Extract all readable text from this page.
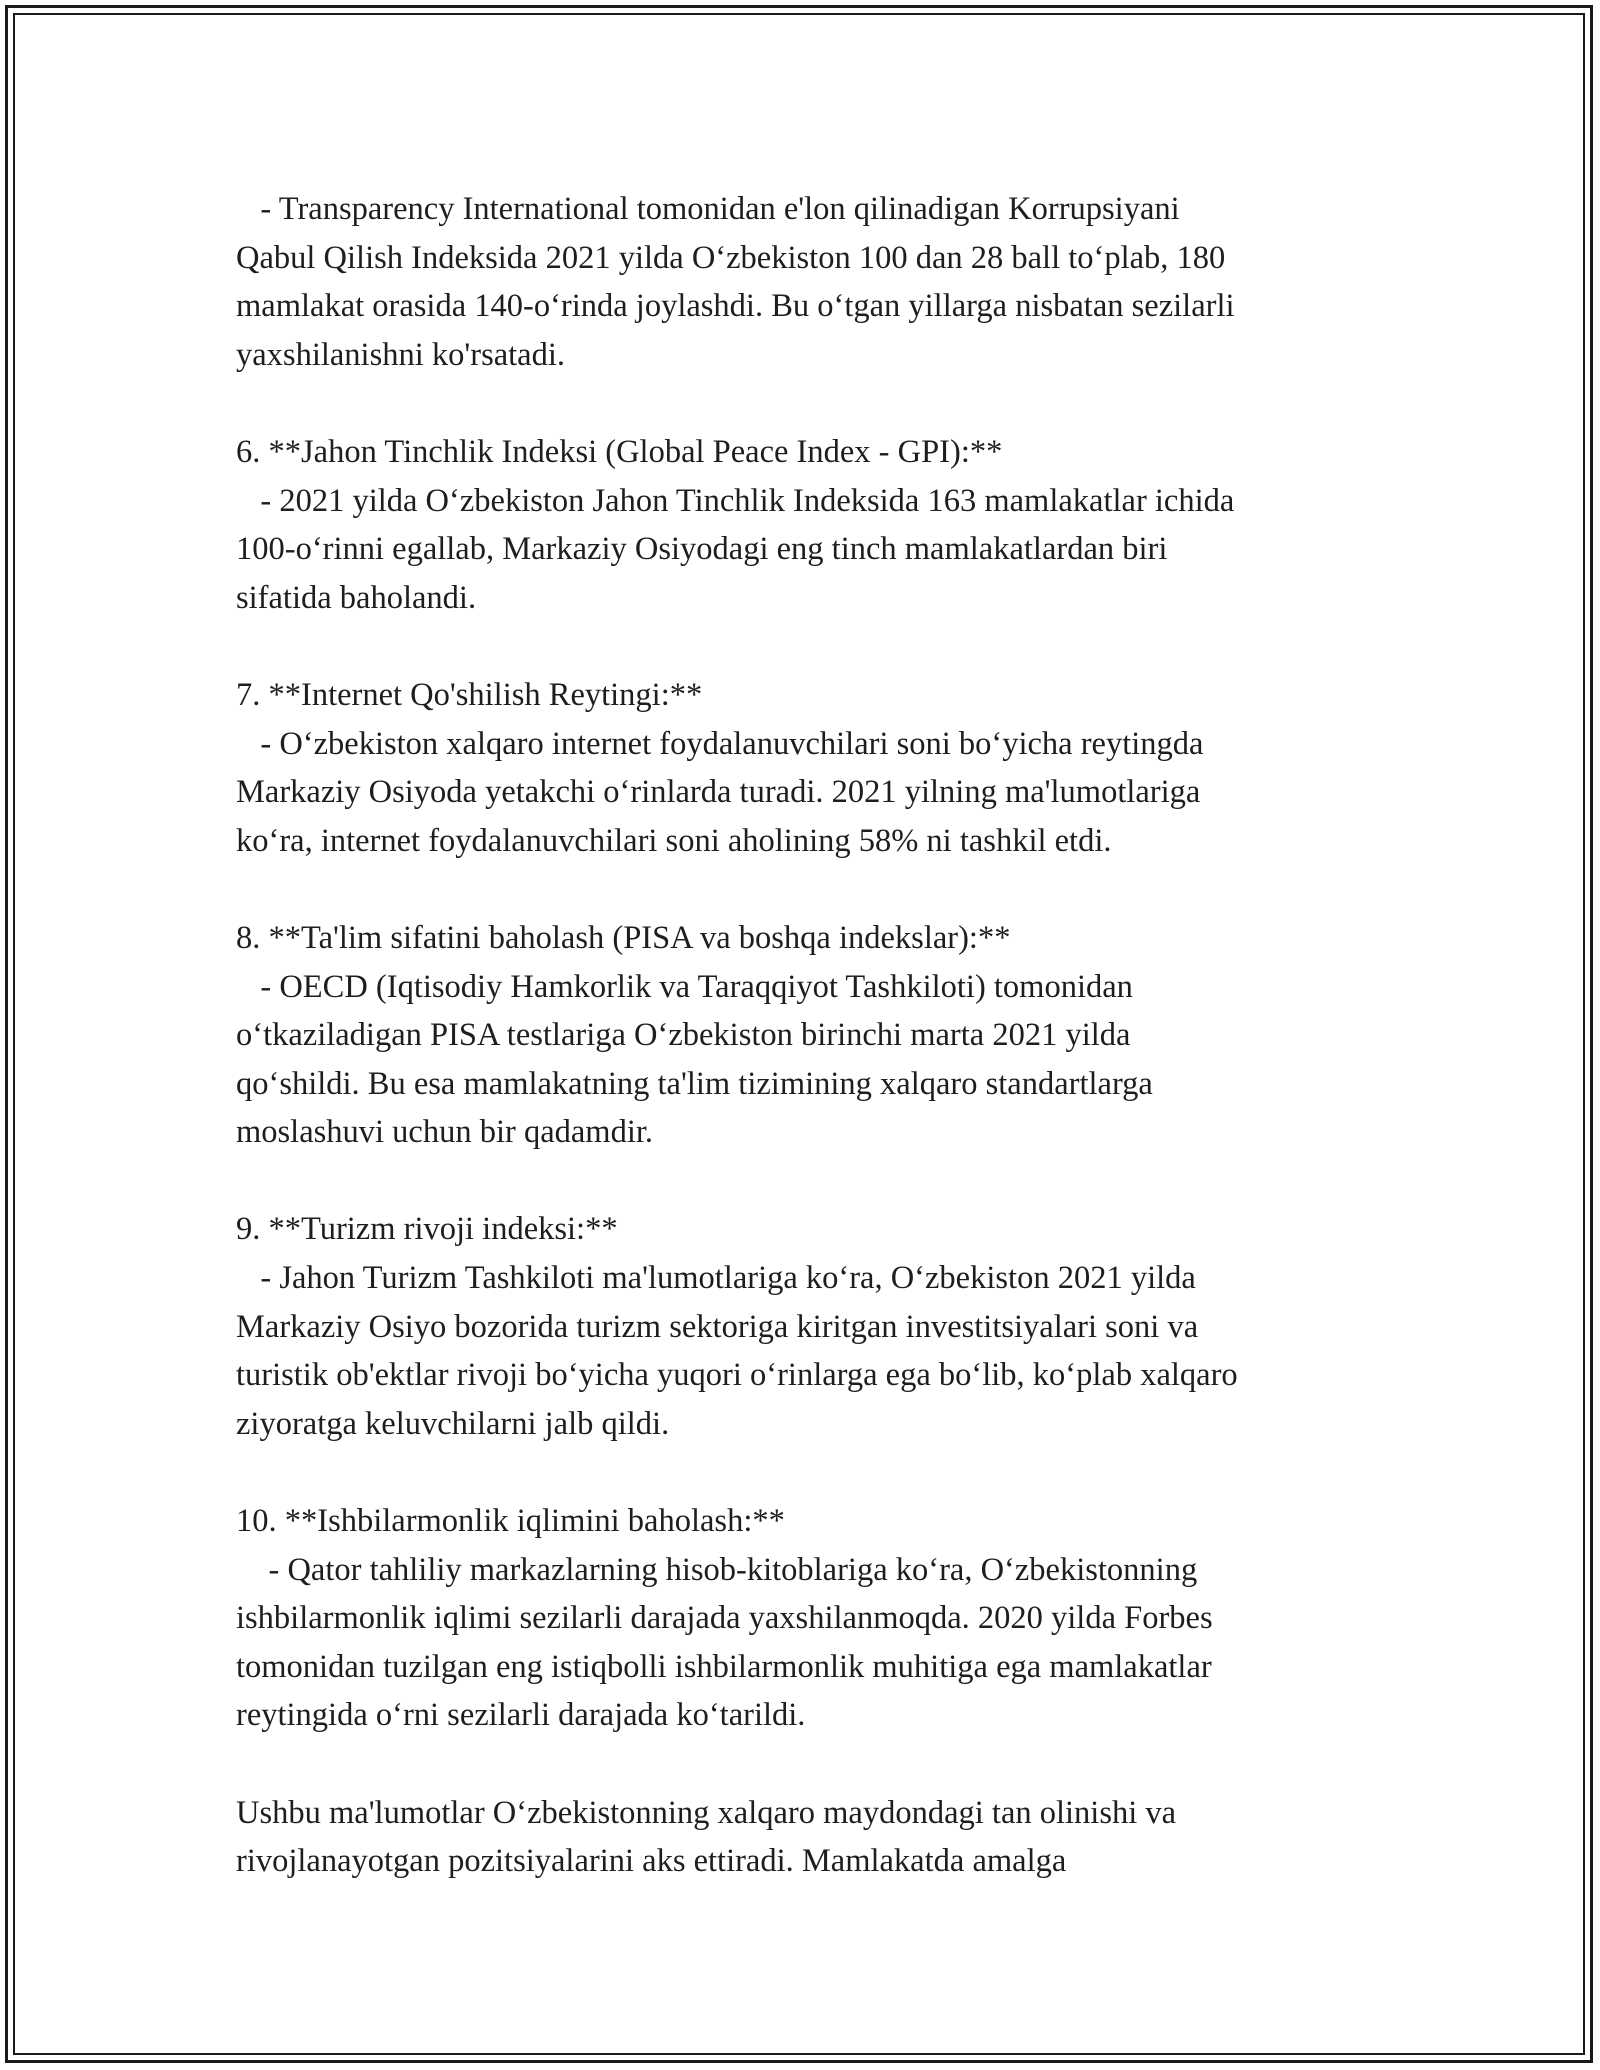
- Transparency International tomonidan e'lon qilinadigan Korrupsiyani
Qabul Qilish Indeksida 2021 yilda O‘zbekiston 100 dan 28 ball to‘plab, 180
mamlakat orasida 140-o‘rinda joylashdi. Bu o‘tgan yillarga nisbatan sezilarli
yaxshilanishni ko'rsatadi.
6. **Jahon Tinchlik Indeksi (Global Peace Index - GPI):**
- 2021 yilda O‘zbekiston Jahon Tinchlik Indeksida 163 mamlakatlar ichida
100-o‘rinni egallab, Markaziy Osiyodagi eng tinch mamlakatlardan biri
sifatida baholandi.
7. **Internet Qo'shilish Reytingi:**
- O‘zbekiston xalqaro internet foydalanuvchilari soni bo‘yicha reytingda
Markaziy Osiyoda yetakchi o‘rinlarda turadi. 2021 yilning ma'lumotlariga
ko‘ra, internet foydalanuvchilari soni aholining 58% ni tashkil etdi.
8. **Ta'lim sifatini baholash (PISA va boshqa indekslar):**
- OECD (Iqtisodiy Hamkorlik va Taraqqiyot Tashkiloti) tomonidan
o‘tkaziladigan PISA testlariga O‘zbekiston birinchi marta 2021 yilda
qo‘shildi. Bu esa mamlakatning ta'lim tizimining xalqaro standartlarga
moslashuvi uchun bir qadamdir.
9. **Turizm rivoji indeksi:**
- Jahon Turizm Tashkiloti ma'lumotlariga ko‘ra, O‘zbekiston 2021 yilda
Markaziy Osiyo bozorida turizm sektoriga kiritgan investitsiyalari soni va
turistik ob'ektlar rivoji bo‘yicha yuqori o‘rinlarga ega bo‘lib, ko‘plab xalqaro
ziyoratga keluvchilarni jalb qildi.
10. **Ishbilarmonlik iqlimini baholash:**
- Qator tahliliy markazlarning hisob-kitoblariga ko‘ra, O‘zbekistonning
ishbilarmonlik iqlimi sezilarli darajada yaxshilanmoqda. 2020 yilda Forbes
tomonidan tuzilgan eng istiqbolli ishbilarmonlik muhitiga ega mamlakatlar
reytingida o‘rni sezilarli darajada ko‘tarildi.
Ushbu ma'lumotlar O‘zbekistonning xalqaro maydondagi tan olinishi va
rivojlanayotgan pozitsiyalarini aks ettiradi. Mamlakatda amalga
